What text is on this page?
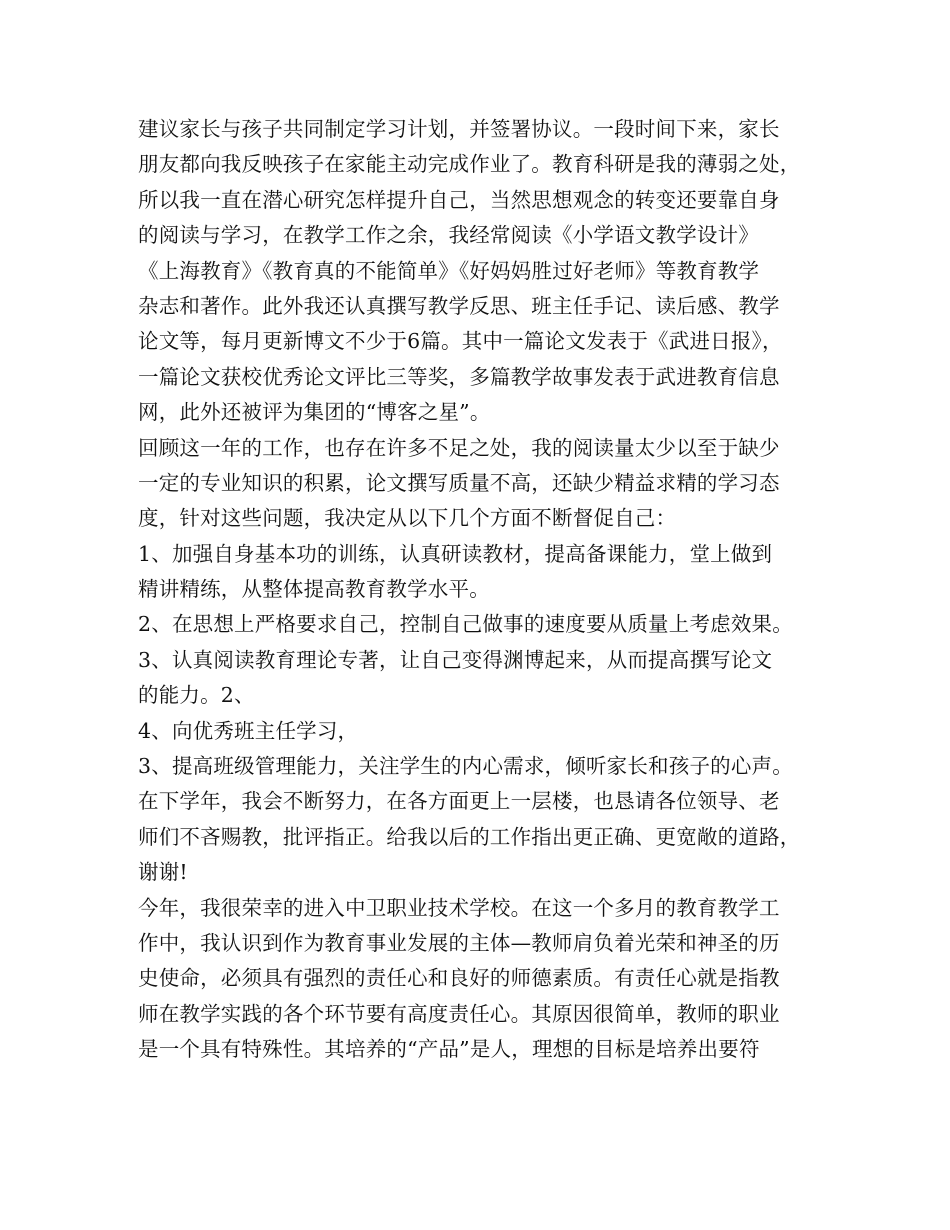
建议家长与孩子共同制定学习计划，并签署协议。一段时间下来，家长
朋友都向我反映孩子在家能主动完成作业了。教育科研是我的薄弱之处，
所以我一直在潜心研究怎样提升自己，当然思想观念的转变还要靠自身
的阅读与学习，在教学工作之余，我经常阅读《小学语文教学设计》
《上海教育》《教育真的不能简单》《好妈妈胜过好老师》等教育教学
杂志和著作。此外我还认真撰写教学反思、班主任手记、读后感、教学
论文等，每月更新博文不少于6篇。其中一篇论文发表于《武进日报》，
一篇论文获校优秀论文评比三等奖，多篇教学故事发表于武进教育信息
网，此外还被评为集团的“博客之星”。
回顾这一年的工作，也存在许多不足之处，我的阅读量太少以至于缺少
一定的专业知识的积累，论文撰写质量不高，还缺少精益求精的学习态
度，针对这些问题，我决定从以下几个方面不断督促自己：
1、加强自身基本功的训练，认真研读教材，提高备课能力，堂上做到
精讲精练，从整体提高教育教学水平。
2、在思想上严格要求自己，控制自己做事的速度要从质量上考虑效果。
3、认真阅读教育理论专著，让自己变得渊博起来，从而提高撰写论文
的能力。2、
4、向优秀班主任学习，
3、提高班级管理能力，关注学生的内心需求，倾听家长和孩子的心声。
在下学年，我会不断努力，在各方面更上一层楼，也恳请各位领导、老
师们不吝赐教，批评指正。给我以后的工作指出更正确、更宽敞的道路，
谢谢!
今年，我很荣幸的进入中卫职业技术学校。在这一个多月的教育教学工
作中，我认识到作为教育事业发展的主体—教师肩负着光荣和神圣的历
史使命，必须具有强烈的责任心和良好的师德素质。有责任心就是指教
师在教学实践的各个环节要有高度责任心。其原因很简单，教师的职业
是一个具有特殊性。其培养的“产品”是人，理想的目标是培养出要符
